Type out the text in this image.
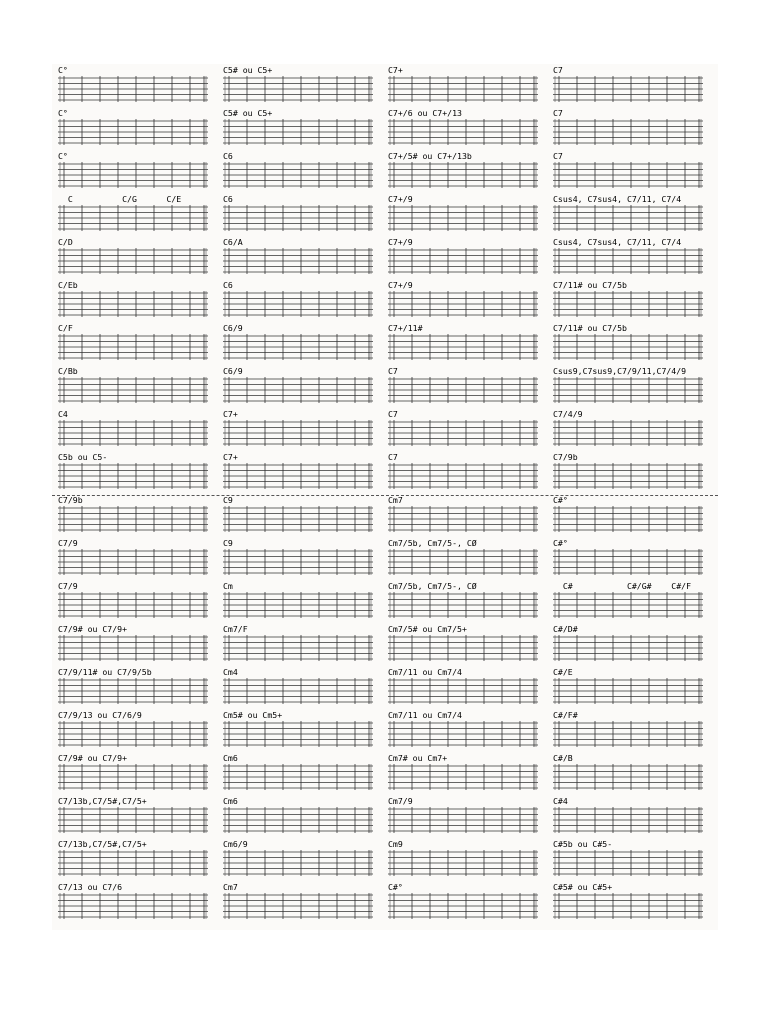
C°	C5# ou C5+	C7+	C7
C°	C5# ou C5+	C7+/6 ou C7+/13	C7
C°	C6	C7+/5# ou C7+/13b	C7
C          C/G      C/E	C6	C7+/9	Csus4, C7sus4, C7/11, C7/4
C/D	C6/A	C7+/9	Csus4, C7sus4, C7/11, C7/4
C/Eb	C6	C7+/9	C7/11# ou C7/5b
C/F	C6/9	C7+/11#	C7/11# ou C7/5b
C/Bb	C6/9	C7	Csus9,C7sus9,C7/9/11,C7/4/9
C4	C7+	C7	C7/4/9
C5b ou C5-	C7+	C7	C7/9b
C7/9b	C9	Cm7	C#°
C7/9	C9	Cm7/5b, Cm7/5-, CØ	C#°
C7/9	Cm	Cm7/5b, Cm7/5-, CØ	C#           C#/G#    C#/F
C7/9# ou C7/9+	Cm7/F	Cm7/5# ou Cm7/5+	C#/D#
C7/9/11# ou C7/9/5b	Cm4	Cm7/11 ou Cm7/4	C#/E
C7/9/13 ou C7/6/9	Cm5# ou Cm5+	Cm7/11 ou Cm7/4	C#/F#
C7/9# ou C7/9+	Cm6	Cm7# ou Cm7+	C#/B
C7/13b,C7/5#,C7/5+	Cm6	Cm7/9	C#4
C7/13b,C7/5#,C7/5+	Cm6/9	Cm9	C#5b ou C#5-
C7/13 ou C7/6	Cm7	C#°	C#5# ou C#5+
